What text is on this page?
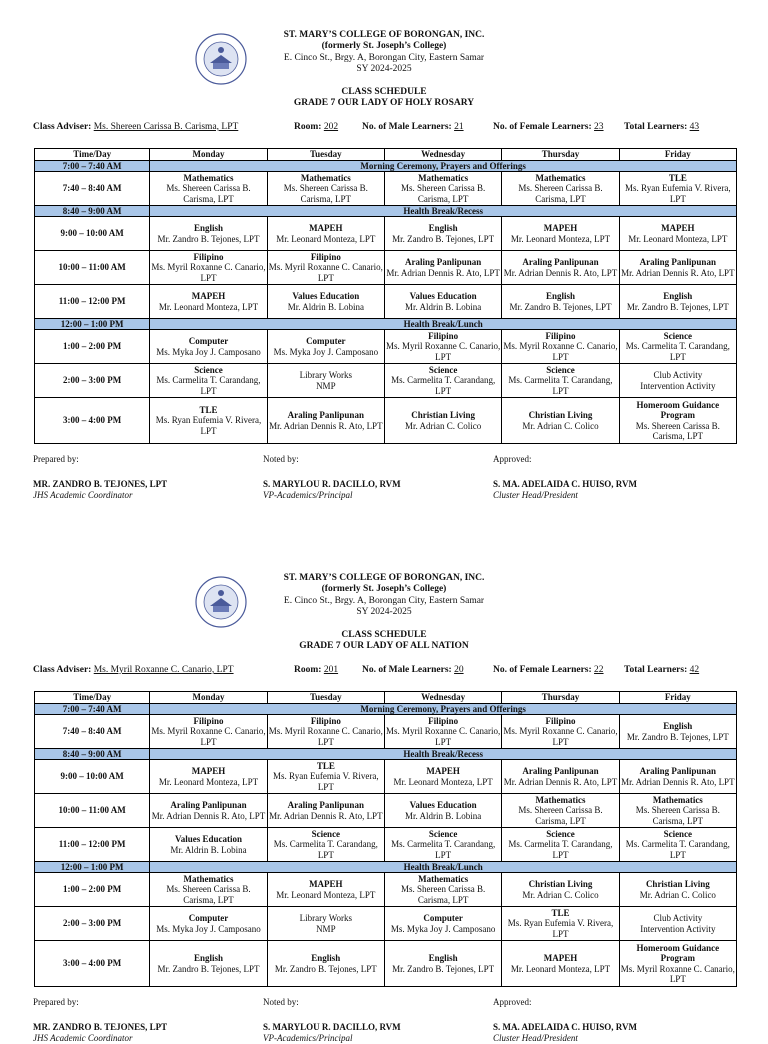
ST. MARY’S COLLEGE OF BORONGAN, INC.
(formerly St. Joseph’s College)
E. Cinco St., Brgy. A, Borongan City, Eastern Samar
SY 2024-2025
CLASS SCHEDULE
GRADE 7 OUR LADY OF HOLY ROSARY
Class Adviser: Ms. Shereen Carissa B. Carisma, LPT	Room: 202	No. of Male Learners: 21	No. of Female Learners: 23 Total Learners: 43
Time/Day	Monday	Tuesday	Wednesday	Thursday	Friday
7:00 – 7:40 AM	Morning Ceremony, Prayers and Offerings				
7:40 – 8:40 AM	Mathematics
Ms. Shereen Carissa B. Carisma, LPT	Mathematics
Ms. Shereen Carissa B. Carisma, LPT	Mathematics
Ms. Shereen Carissa B. Carisma, LPT	Mathematics
Ms. Shereen Carissa B. Carisma, LPT	TLE
Ms. Ryan Eufemia V. Rivera, LPT

8:40 – 9:00 AM	Health Break/Recess				
9:00 – 10:00 AM	English
Mr. Zandro B. Tejones, LPT	MAPEH
Mr. Leonard Monteza, LPT	English
Mr. Zandro B. Tejones, LPT	MAPEH
Mr. Leonard Monteza, LPT	MAPEH
Mr. Leonard Monteza, LPT

10:00 – 11:00 AM	Filipino
Ms. Myril Roxanne C. Canario, LPT	Filipino
Ms. Myril Roxanne C. Canario, LPT	Araling Panlipunan
Mr. Adrian Dennis R. Ato, LPT	Araling Panlipunan
Mr. Adrian Dennis R. Ato, LPT	Araling Panlipunan
Mr. Adrian Dennis R. Ato, LPT

11:00 – 12:00 PM	MAPEH
Mr. Leonard Monteza, LPT	Values Education
Mr. Aldrin B. Lobina	Values Education
Mr. Aldrin B. Lobina	English
Mr. Zandro B. Tejones, LPT	English
Mr. Zandro B. Tejones, LPT

12:00 – 1:00 PM	Health Break/Lunch				
1:00 – 2:00 PM	Computer
Ms. Myka Joy J. Camposano	Computer
Ms. Myka Joy J. Camposano	Filipino
Ms. Myril Roxanne C. Canario, LPT	Filipino
Ms. Myril Roxanne C. Canario, LPT	Science
Ms. Carmelita T. Carandang, LPT

2:00 – 3:00 PM	Science
Ms. Carmelita T. Carandang, LPT	Library Works
NMP	Science
Ms. Carmelita T. Carandang, LPT	Science
Ms. Carmelita T. Carandang, LPT	Club Activity
Intervention Activity

3:00 – 4:00 PM	TLE
Ms. Ryan Eufemia V. Rivera, LPT	Araling Panlipunan
Mr. Adrian Dennis R. Ato, LPT	Christian Living
Mr. Adrian C. Colico	Christian Living
Mr. Adrian C. Colico	Homeroom Guidance Program
Ms. Shereen Carissa B. Carisma, LPT
Prepared by:
MR. ZANDRO B. TEJONES, LPT
JHS Academic Coordinator
Noted by:
S. MARYLOU R. DACILLO, RVM
VP-Academics/Principal
Approved:
S. MA. ADELAIDA C. HUISO, RVM
Cluster Head/President
ST. MARY’S COLLEGE OF BORONGAN, INC.
(formerly St. Joseph’s College)
E. Cinco St., Brgy. A, Borongan City, Eastern Samar
SY 2024-2025
CLASS SCHEDULE
GRADE 7 OUR LADY OF ALL NATION
Class Adviser: Ms. Myril Roxanne C. Canario, LPT	Room: 201	No. of Male Learners: 20	No. of Female Learners: 22 Total Learners: 42
Time/Day	Monday	Tuesday	Wednesday	Thursday	Friday
7:00 – 7:40 AM	Morning Ceremony, Prayers and Offerings				
7:40 – 8:40 AM	Filipino
Ms. Myril Roxanne C. Canario, LPT	Filipino
Ms. Myril Roxanne C. Canario, LPT	Filipino
Ms. Myril Roxanne C. Canario, LPT	Filipino
Ms. Myril Roxanne C. Canario, LPT	English
Mr. Zandro B. Tejones, LPT

8:40 – 9:00 AM	Health Break/Recess				
9:00 – 10:00 AM	MAPEH
Mr. Leonard Monteza, LPT	TLE
Ms. Ryan Eufemia V. Rivera, LPT	MAPEH
Mr. Leonard Monteza, LPT	Araling Panlipunan
Mr. Adrian Dennis R. Ato, LPT	Araling Panlipunan
Mr. Adrian Dennis R. Ato, LPT

10:00 – 11:00 AM	Araling Panlipunan
Mr. Adrian Dennis R. Ato, LPT	Araling Panlipunan
Mr. Adrian Dennis R. Ato, LPT	Values Education
Mr. Aldrin B. Lobina	Mathematics
Ms. Shereen Carissa B. Carisma, LPT	Mathematics
Ms. Shereen Carissa B. Carisma, LPT

11:00 – 12:00 PM	Values Education
Mr. Aldrin B. Lobina	Science
Ms. Carmelita T. Carandang, LPT	Science
Ms. Carmelita T. Carandang, LPT	Science
Ms. Carmelita T. Carandang, LPT	Science
Ms. Carmelita T. Carandang, LPT

12:00 – 1:00 PM	Health Break/Lunch				
1:00 – 2:00 PM	Mathematics
Ms. Shereen Carissa B. Carisma, LPT	MAPEH
Mr. Leonard Monteza, LPT	Mathematics
Ms. Shereen Carissa B. Carisma, LPT	Christian Living
Mr. Adrian C. Colico	Christian Living
Mr. Adrian C. Colico

2:00 – 3:00 PM	Computer
Ms. Myka Joy J. Camposano	Library Works
NMP	Computer
Ms. Myka Joy J. Camposano	TLE
Ms. Ryan Eufemia V. Rivera, LPT	Club Activity
Intervention Activity

3:00 – 4:00 PM	English
Mr. Zandro B. Tejones, LPT	English
Mr. Zandro B. Tejones, LPT	English
Mr. Zandro B. Tejones, LPT	MAPEH
Mr. Leonard Monteza, LPT	Homeroom Guidance Program
Ms. Myril Roxanne C. Canario, LPT
Prepared by:
MR. ZANDRO B. TEJONES, LPT
JHS Academic Coordinator
Noted by:
S. MARYLOU R. DACILLO, RVM
VP-Academics/Principal
Approved:
S. MA. ADELAIDA C. HUISO, RVM
Cluster Head/President
